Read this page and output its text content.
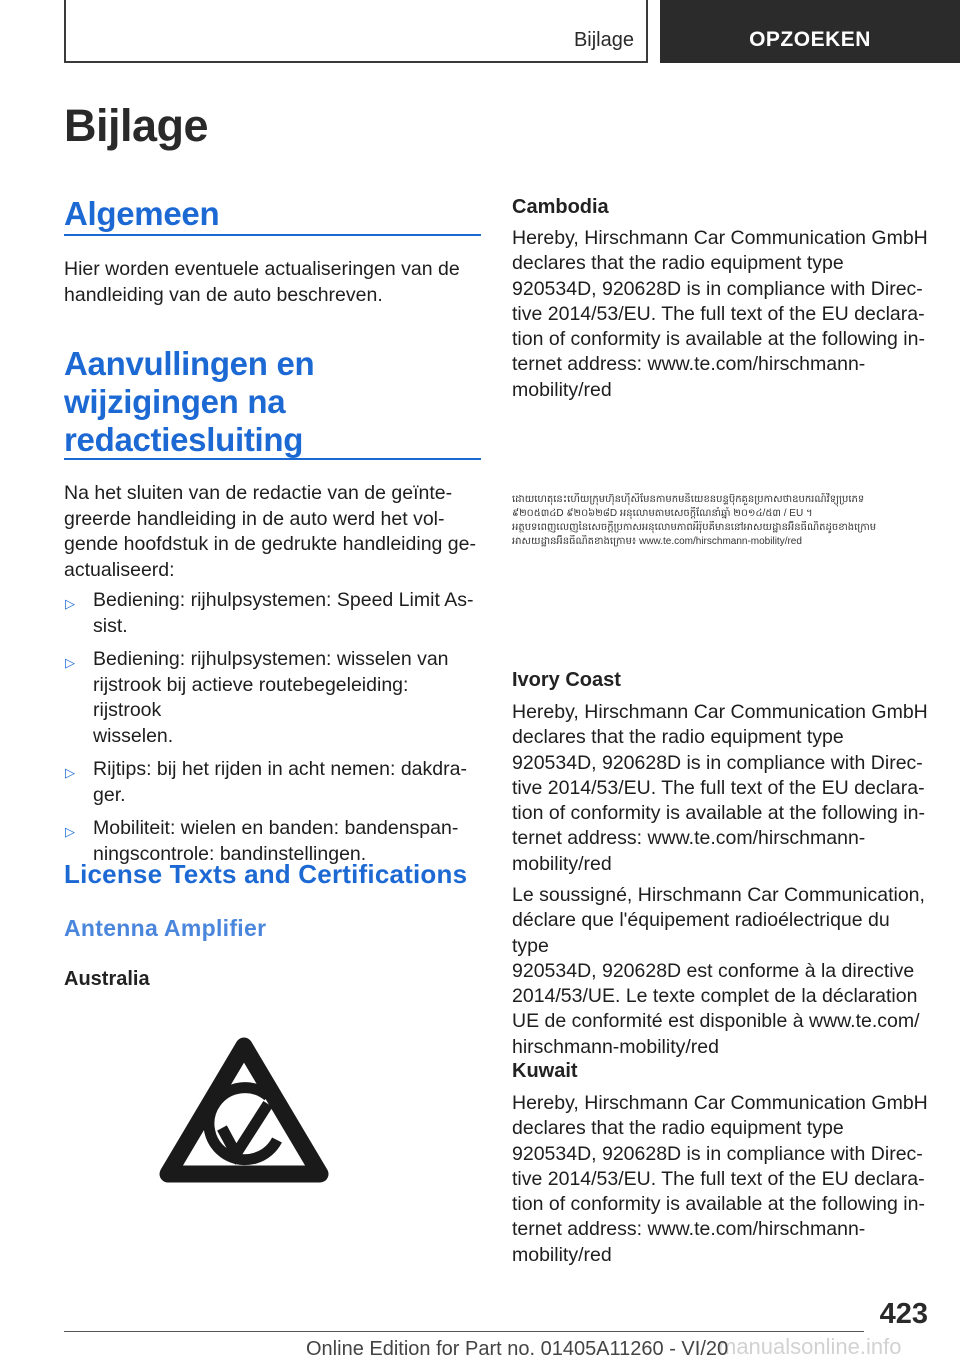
Bijlage	OPZOEKEN
Bijlage
Algemeen

Hier worden eventuele actualiseringen van de handleiding van de auto beschreven.

Aanvullingen en
wijzigingen na
redactiesluiting

Na het sluiten van de redactie van de geïnte-
greerde handleiding in de auto werd het vol-
gende hoofdstuk in de gedrukte handleiding ge-
actualiseerd:

▷ Bediening: rijhulpsystemen: Speed Limit As-
sist.
▷ Bediening: rijhulpsystemen: wisselen van
rijstrook bij actieve routebegeleiding: rijstrook
wisselen.
▷ Rijtips: bij het rijden in acht nemen: dakdra-
ger.
▷ Mobiliteit: wielen en banden: bandenspan-
ningscontrole: bandinstellingen.
License Texts and Certifications
Antenna Amplifier

Australia

Cambodia

Hereby, Hirschmann Car Communication GmbH
declares that the radio equipment type
920534D, 920628D is in compliance with Direc-
tive 2014/53/EU. The full text of the EU declara-
tion of conformity is available at the following in-
ternet address: www.te.com/hirschmann-
mobility/red

ដោយហេតុនេះហើយក្រុមហ៊ុនហ៊ីសឹមែនកាមកមនិយេខនបន្ទប៊ុកគួនប្រកាសថាឧបករណ៍វិទ្យុប្រភេទ
៩២០៥៣៤D ៩២០៦២៨D អនុលោមតាមសេចក្តីណែនាំឆ្នាំ ២០១៤/៥៣ / EU ។
អត្ថបទពេញលេញនៃសេចក្តីប្រកាសអនុលោមភាពអឺរ៉ុបគឺមាននៅអាសយដ្ឋានអ៊ីនធឺណិតដូចខាងក្រោម
អាសយដ្ឋានអ៊ីនធឺណិតខាងក្រោម៖ www.te.com/hirschmann-mobility/red

Ivory Coast

Hereby, Hirschmann Car Communication GmbH
declares that the radio equipment type
920534D, 920628D is in compliance with Direc-
tive 2014/53/EU. The full text of the EU declara-
tion of conformity is available at the following in-
ternet address: www.te.com/hirschmann-
mobility/red

Le soussigné, Hirschmann Car Communication,
déclare que l'équipement radioélectrique du type
920534D, 920628D est conforme à la directive
2014/53/UE. Le texte complet de la déclaration
UE de conformité est disponible à www.te.com/
hirschmann-mobility/red

Kuwait

Hereby, Hirschmann Car Communication GmbH
declares that the radio equipment type
920534D, 920628D is in compliance with Direc-
tive 2014/53/EU. The full text of the EU declara-
tion of conformity is available at the following in-
ternet address: www.te.com/hirschmann-
mobility/red

423
manualsonline.info
Online Edition for Part no. 01405A11260 - VI/20
